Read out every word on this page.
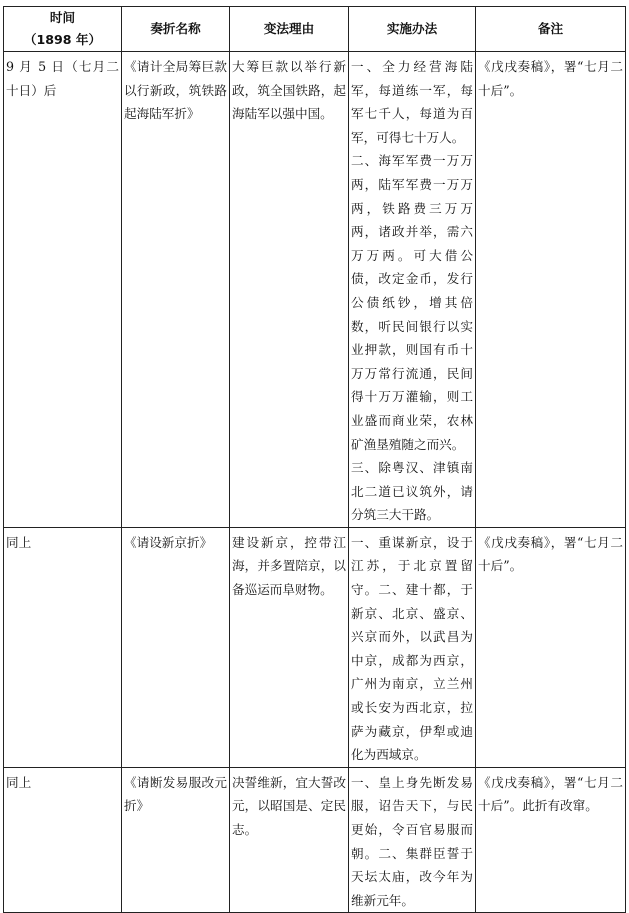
时间
（1898 年）	奏折名称	变法理由	实施办法	备注
9 月 5 日（七月二十日）后	《请计全局筹巨款以行新政，筑铁路起海陆军折》	大筹巨款以举行新政，筑全国铁路，起海陆军以强中国。	一、全力经营海陆军，每道练一军，每军七千人，每道为百军，可得七十万人。
二、海军军费一万万两，陆军军费一万万两，铁路费三万万两，诸政并举，需六万万两。可大借公债，改定金币，发行公债纸钞，增其倍数，听民间银行以实业押款，则国有币十万万常行流通，民间得十万万灌输，则工业盛而商业荣，农林矿渔垦殖随之而兴。
三、除粤汉、津镇南北二道已议筑外，请分筑三大干路。	《戊戌奏稿》，署“七月二十后”。
同上	《请设新京折》	建设新京，控带江海，并多置陪京，以备巡运而阜财物。	一、重谋新京，设于江苏，于北京置留守。二、建十都，于新京、北京、盛京、兴京而外，以武昌为中京，成都为西京，广州为南京，立兰州或长安为西北京，拉萨为藏京，伊犁或迪化为西域京。	《戊戌奏稿》，署“七月二十后”。
同上	《请断发易服改元折》	决誓维新，宜大誓改元，以昭国是、定民志。	一、皇上身先断发易服，诏告天下，与民更始，令百官易服而朝。二、集群臣誓于天坛太庙，改今年为维新元年。	《戊戌奏稿》，署“七月二十后”。此折有改窜。
